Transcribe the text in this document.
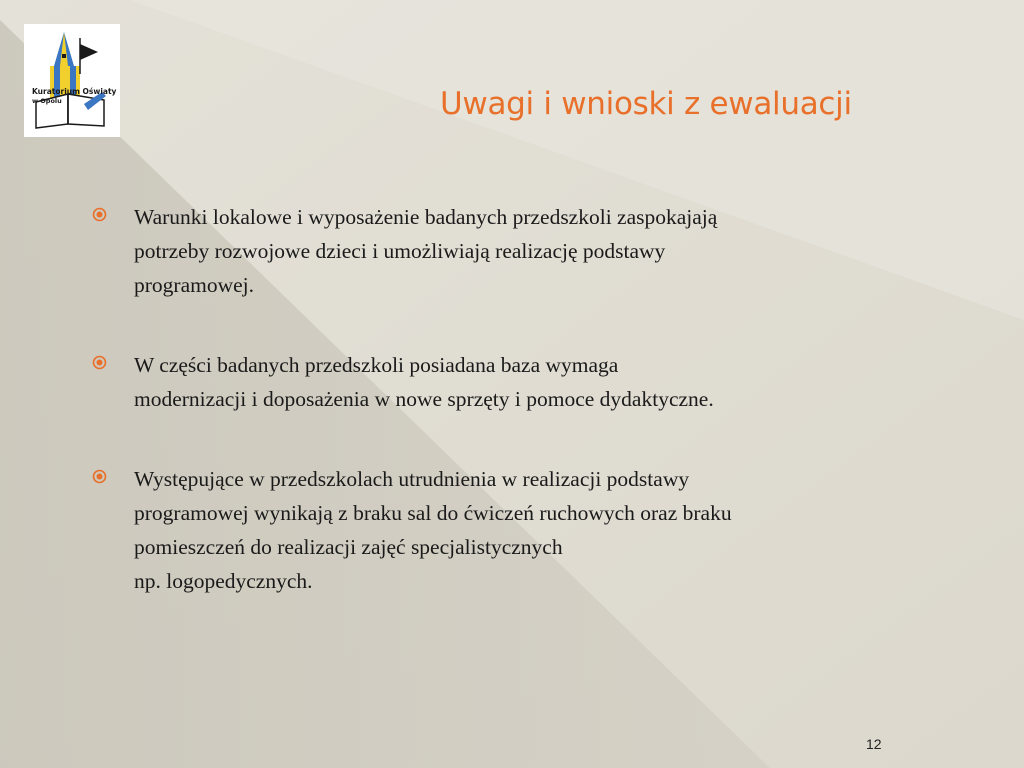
Kuratorium Oświaty
w Opolu	Uwagi i wnioski z ewaluacji
Warunki lokalowe i wyposażenie badanych przedszkoli zaspokajają
potrzeby rozwojowe dzieci i umożliwiają realizację podstawy
programowej.
W części badanych przedszkoli posiadana baza wymaga
modernizacji i doposażenia w nowe sprzęty i pomoce dydaktyczne.
Występujące w przedszkolach utrudnienia w realizacji podstawy
programowej wynikają z braku sal do ćwiczeń ruchowych oraz braku
pomieszczeń do realizacji zajęć specjalistycznych
np. logopedycznych.
12
